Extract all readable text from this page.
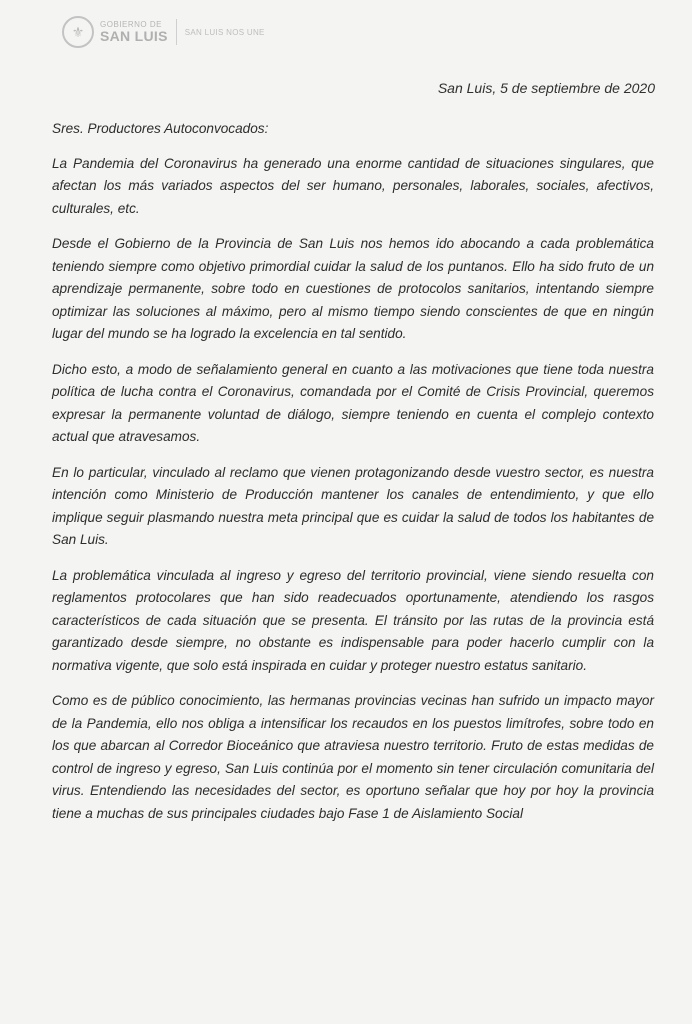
⚜	GOBIERNO DE
SAN LUIS SAN LUIS NOS UNE
San Luis, 5 de septiembre de 2020

Sres. Productores Autoconvocados:

La Pandemia del Coronavirus ha generado una enorme cantidad de situaciones singulares, que afectan los más variados aspectos del ser humano, personales, laborales, sociales, afectivos, culturales, etc.

Desde el Gobierno de la Provincia de San Luis nos hemos ido abocando a cada problemática teniendo siempre como objetivo primordial cuidar la salud de los puntanos. Ello ha sido fruto de un aprendizaje permanente, sobre todo en cuestiones de protocolos sanitarios, intentando siempre optimizar las soluciones al máximo, pero al mismo tiempo siendo conscientes de que en ningún lugar del mundo se ha logrado la excelencia en tal sentido.

Dicho esto, a modo de señalamiento general en cuanto a las motivaciones que tiene toda nuestra política de lucha contra el Coronavirus, comandada por el Comité de Crisis Provincial, queremos expresar la permanente voluntad de diálogo, siempre teniendo en cuenta el complejo contexto actual que atravesamos.

En lo particular, vinculado al reclamo que vienen protagonizando desde vuestro sector, es nuestra intención como Ministerio de Producción mantener los canales de entendimiento, y que ello implique seguir plasmando nuestra meta principal que es cuidar la salud de todos los habitantes de San Luis.

La problemática vinculada al ingreso y egreso del territorio provincial, viene siendo resuelta con reglamentos protocolares que han sido readecuados oportunamente, atendiendo los rasgos característicos de cada situación que se presenta. El tránsito por las rutas de la provincia está garantizado desde siempre, no obstante es indispensable para poder hacerlo cumplir con la normativa vigente, que solo está inspirada en cuidar y proteger nuestro estatus sanitario.

Como es de público conocimiento, las hermanas provincias vecinas han sufrido un impacto mayor de la Pandemia, ello nos obliga a intensificar los recaudos en los puestos limítrofes, sobre todo en los que abarcan al Corredor Bioceánico que atraviesa nuestro territorio. Fruto de estas medidas de control de ingreso y egreso, San Luis continúa por el momento sin tener circulación comunitaria del virus. Entendiendo las necesidades del sector, es oportuno señalar que hoy por hoy la provincia tiene a muchas de sus principales ciudades bajo Fase 1 de Aislamiento Social
